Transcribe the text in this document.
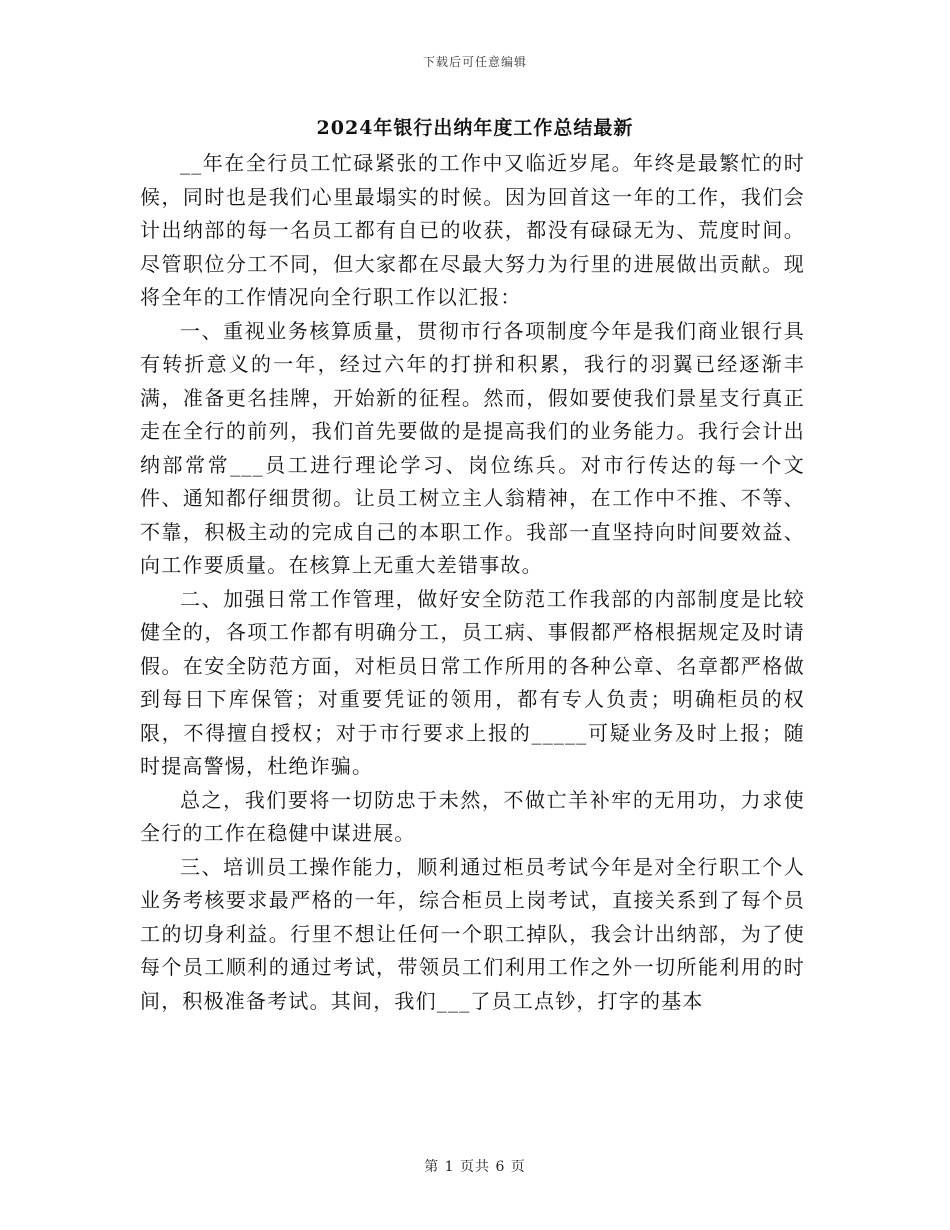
下载后可任意编辑
2024年银行出纳年度工作总结最新

__年在全行员工忙碌紧张的工作中又临近岁尾。年终是最繁忙的时候，同时也是我们心里最塌实的时候。因为回首这一年的工作，我们会计出纳部的每一名员工都有自已的收获，都没有碌碌无为、荒度时间。尽管职位分工不同，但大家都在尽最大努力为行里的进展做出贡献。现将全年的工作情况向全行职工作以汇报：

一、重视业务核算质量，贯彻市行各项制度今年是我们商业银行具有转折意义的一年，经过六年的打拼和积累，我行的羽翼已经逐渐丰满，准备更名挂牌，开始新的征程。然而，假如要使我们景星支行真正走在全行的前列，我们首先要做的是提高我们的业务能力。我行会计出纳部常常___员工进行理论学习、岗位练兵。对市行传达的每一个文件、通知都仔细贯彻。让员工树立主人翁精神，在工作中不推、不等、不靠，积极主动的完成自己的本职工作。我部一直坚持向时间要效益、向工作要质量。在核算上无重大差错事故。

二、加强日常工作管理，做好安全防范工作我部的内部制度是比较健全的，各项工作都有明确分工，员工病、事假都严格根据规定及时请假。在安全防范方面，对柜员日常工作所用的各种公章、名章都严格做到每日下库保管；对重要凭证的领用，都有专人负责；明确柜员的权限，不得擅自授权；对于市行要求上报的_____可疑业务及时上报；随时提高警惕，杜绝诈骗。

总之，我们要将一切防忠于未然，不做亡羊补牢的无用功，力求使全行的工作在稳健中谋进展。

三、培训员工操作能力，顺利通过柜员考试今年是对全行职工个人业务考核要求最严格的一年，综合柜员上岗考试，直接关系到了每个员工的切身利益。行里不想让任何一个职工掉队，我会计出纳部，为了使每个员工顺利的通过考试，带领员工们利用工作之外一切所能利用的时间，积极准备考试。其间，我们___了员工点钞，打字的基本

第 1 页共 6 页
